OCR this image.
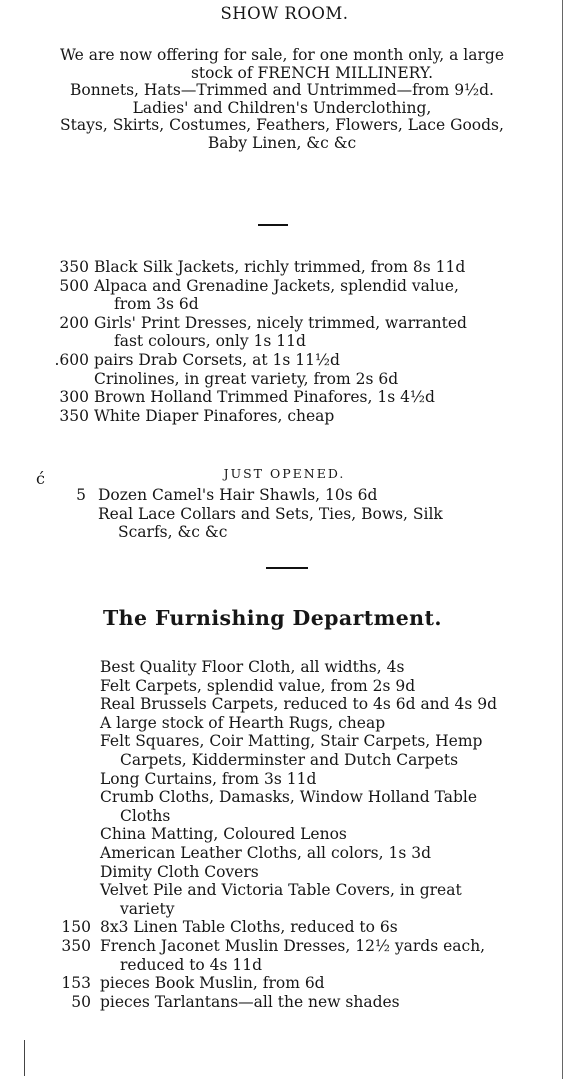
SHOW ROOM.
We are now offering for sale, for one month only, a large
stock of FRENCH MILLINERY.
Bonnets, Hats—Trimmed and Untrimmed—from 9½d.
Ladies' and Children's Underclothing,
Stays, Skirts, Costumes, Feathers, Flowers, Lace Goods,
Baby Linen, &c &c
350 Black Silk Jackets, richly trimmed, from 8s 11d
500 Alpaca and Grenadine Jackets, splendid value,
from 3s 6d
200 Girls' Print Dresses, nicely trimmed, warranted
fast colours, only 1s 11d
.600 pairs Drab Corsets, at 1s 11½d
Crinolines, in great variety, from 2s 6d
300 Brown Holland Trimmed Pinafores, 1s 4½d
350 White Diaper Pinafores, cheap
JUST OPENED.
ć
5 Dozen Camel's Hair Shawls, 10s 6d
Real Lace Collars and Sets, Ties, Bows, Silk
Scarfs, &c &c
The Furnishing Department.
Best Quality Floor Cloth, all widths, 4s
Felt Carpets, splendid value, from 2s 9d
Real Brussels Carpets, reduced to 4s 6d and 4s 9d
A large stock of Hearth Rugs, cheap
Felt Squares, Coir Matting, Stair Carpets, Hemp
Carpets, Kidderminster and Dutch Carpets
Long Curtains, from 3s 11d
Crumb Cloths, Damasks, Window Holland Table
Cloths
China Matting, Coloured Lenos
American Leather Cloths, all colors, 1s 3d
Dimity Cloth Covers
Velvet Pile and Victoria Table Covers, in great
variety
150 8x3 Linen Table Cloths, reduced to 6s
350 French Jaconet Muslin Dresses, 12½ yards each,
reduced to 4s 11d
153 pieces Book Muslin, from 6d
50 pieces Tarlantans—all the new shades
